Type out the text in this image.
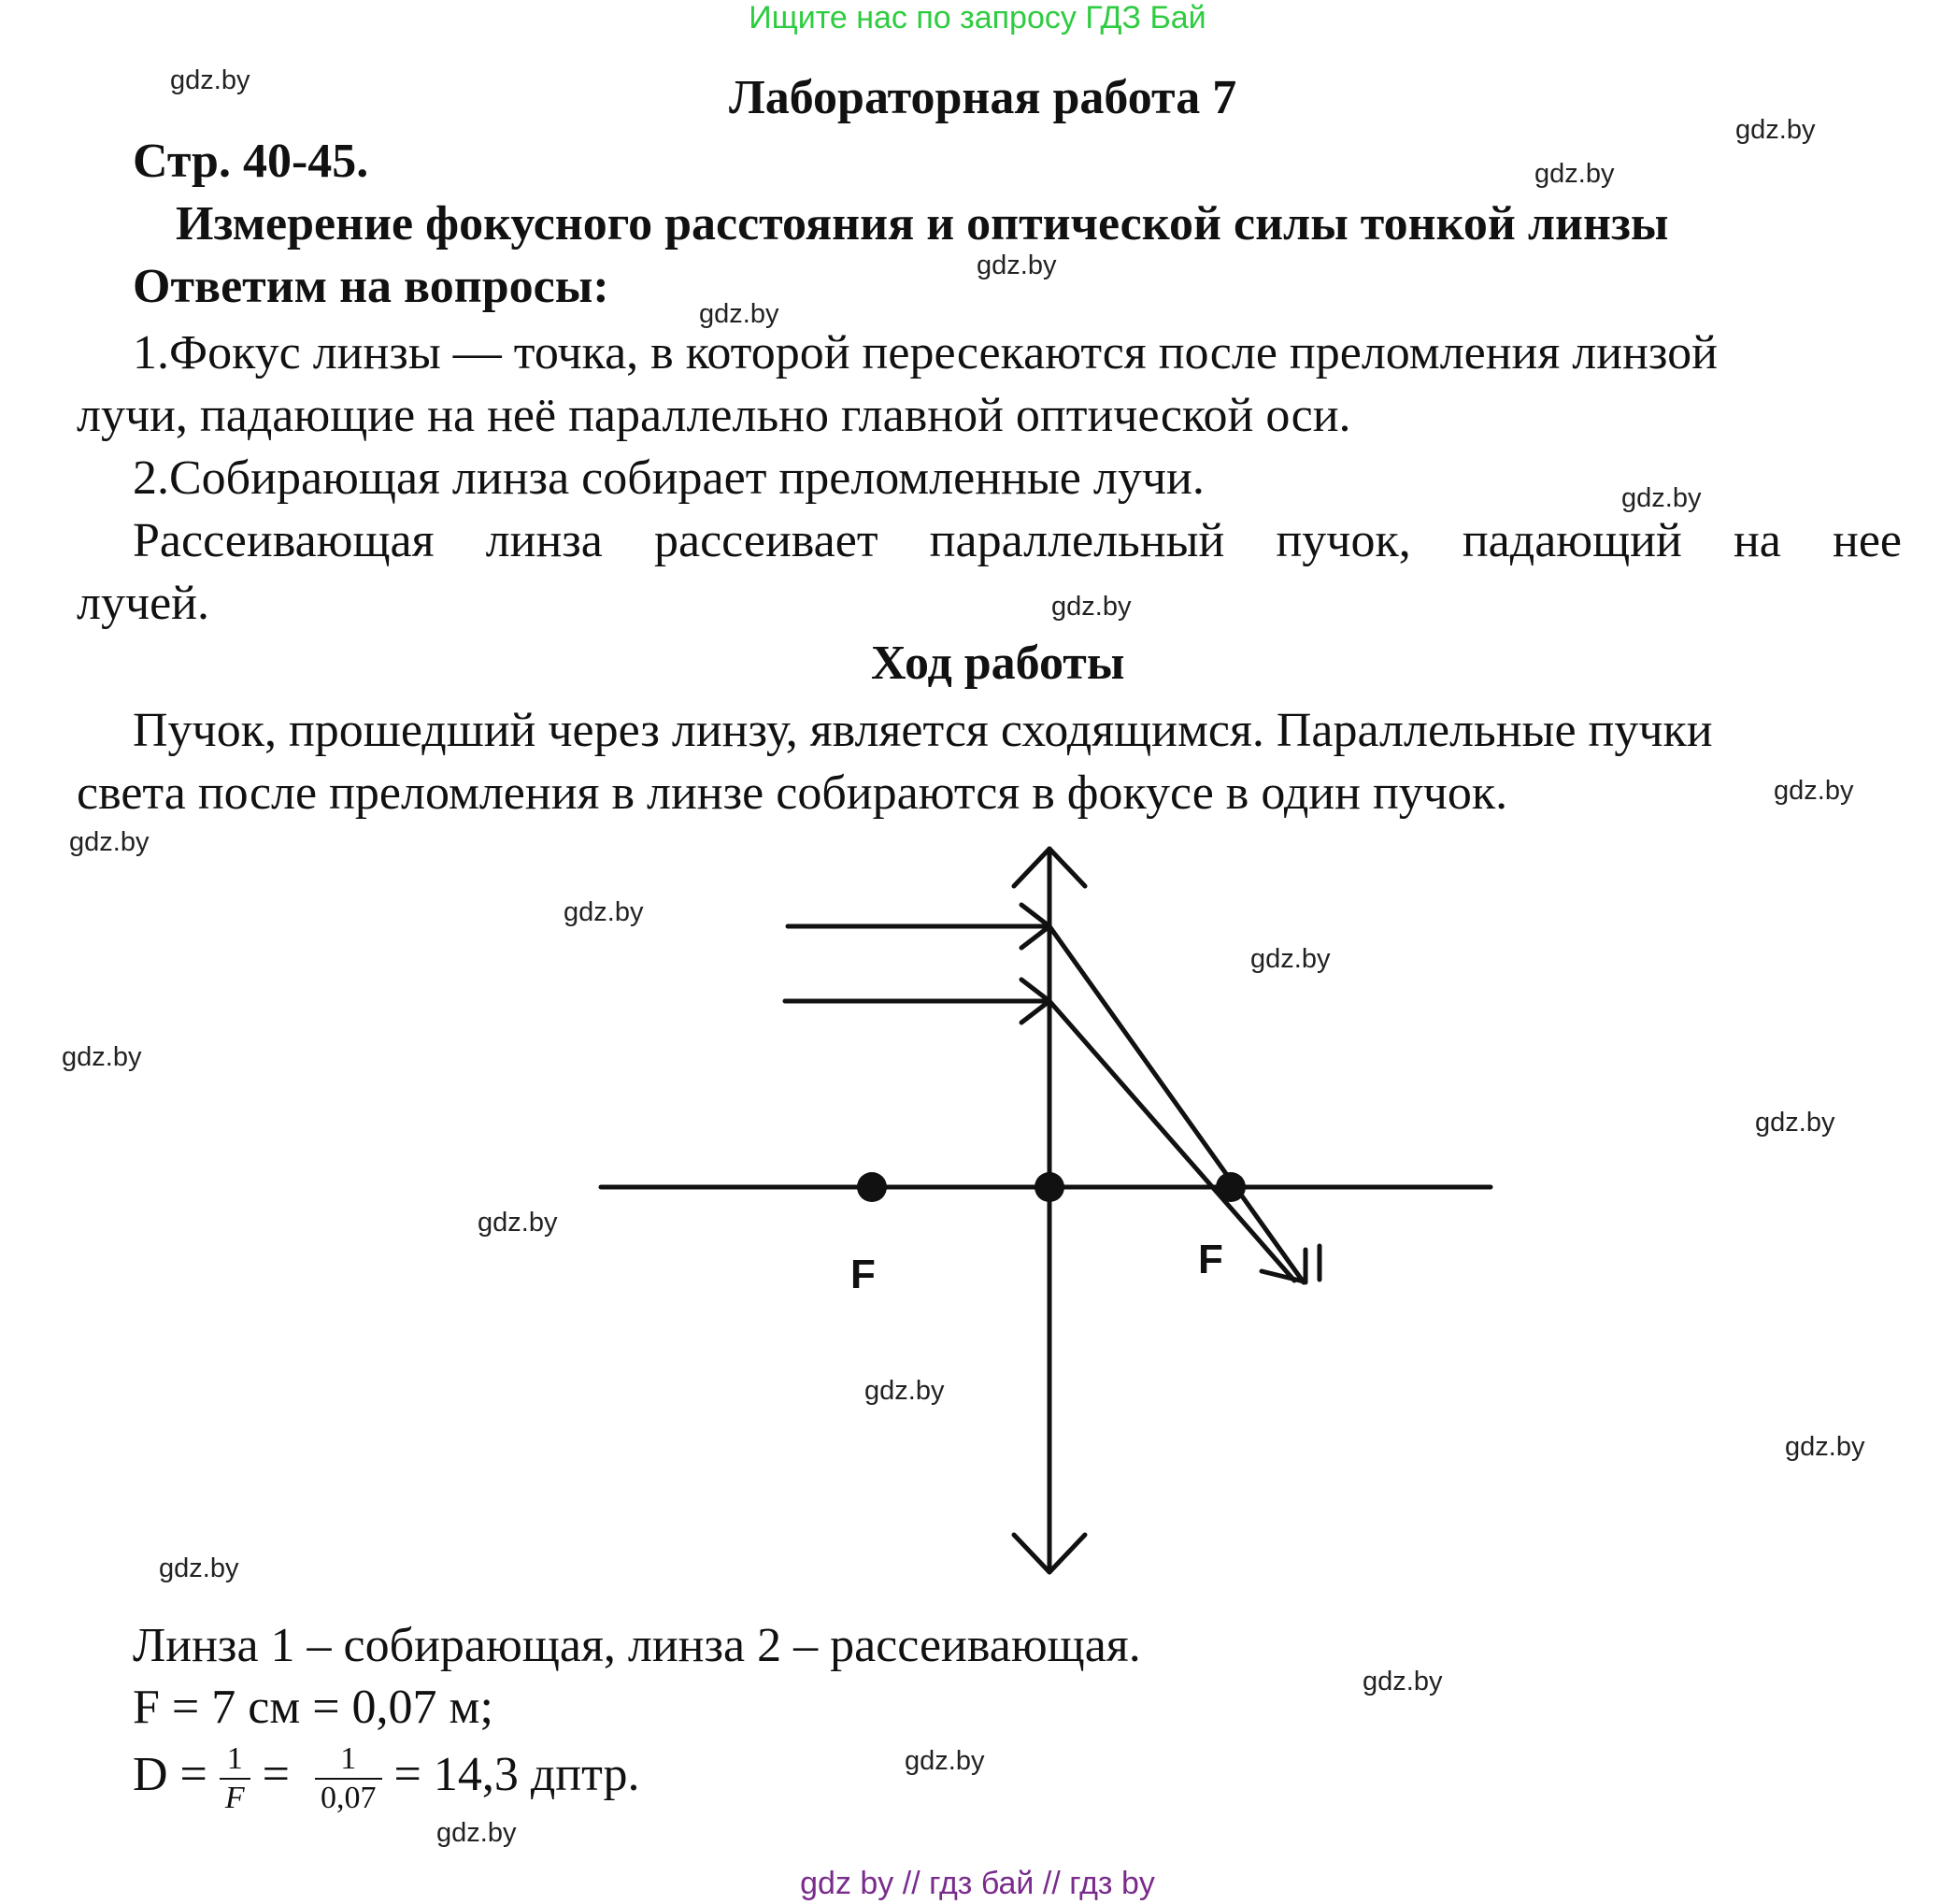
Ищите нас по запросу ГДЗ Бай
Лабораторная работа 7
Стр. 40-45.
Измерение фокусного расстояния и оптической силы тонкой линзы
Ответим на вопросы:
1.Фокус линзы — точка, в которой пересекаются после преломления линзой
лучи, падающие на неё параллельно главной оптической оси.
2.Собирающая линза собирает преломленные лучи.
Рассеивающая линза рассеивает параллельный пучок, падающий на нее
лучей.
Ход работы
Пучок, прошедший через линзу, является сходящимся. Параллельные пучки
света после преломления в линзе собираются в фокусе в один пучок.
F	F
Линза 1 – собирающая, линза 2 – рассеивающая.
F = 7 см = 0,07 м;
$D = \frac{1}{F} = \frac{1}{0,07} = 14,3$ дптр.
gdz.by
gdz.by
gdz.by
gdz.by
gdz.by
gdz.by
gdz.by
gdz.by
gdz.by
gdz.by
gdz.by
gdz.by
gdz.by
gdz.by
gdz.by
gdz.by
gdz.by
gdz.by
gdz.by
gdz.by
gdz by // гдз бай // гдз by
